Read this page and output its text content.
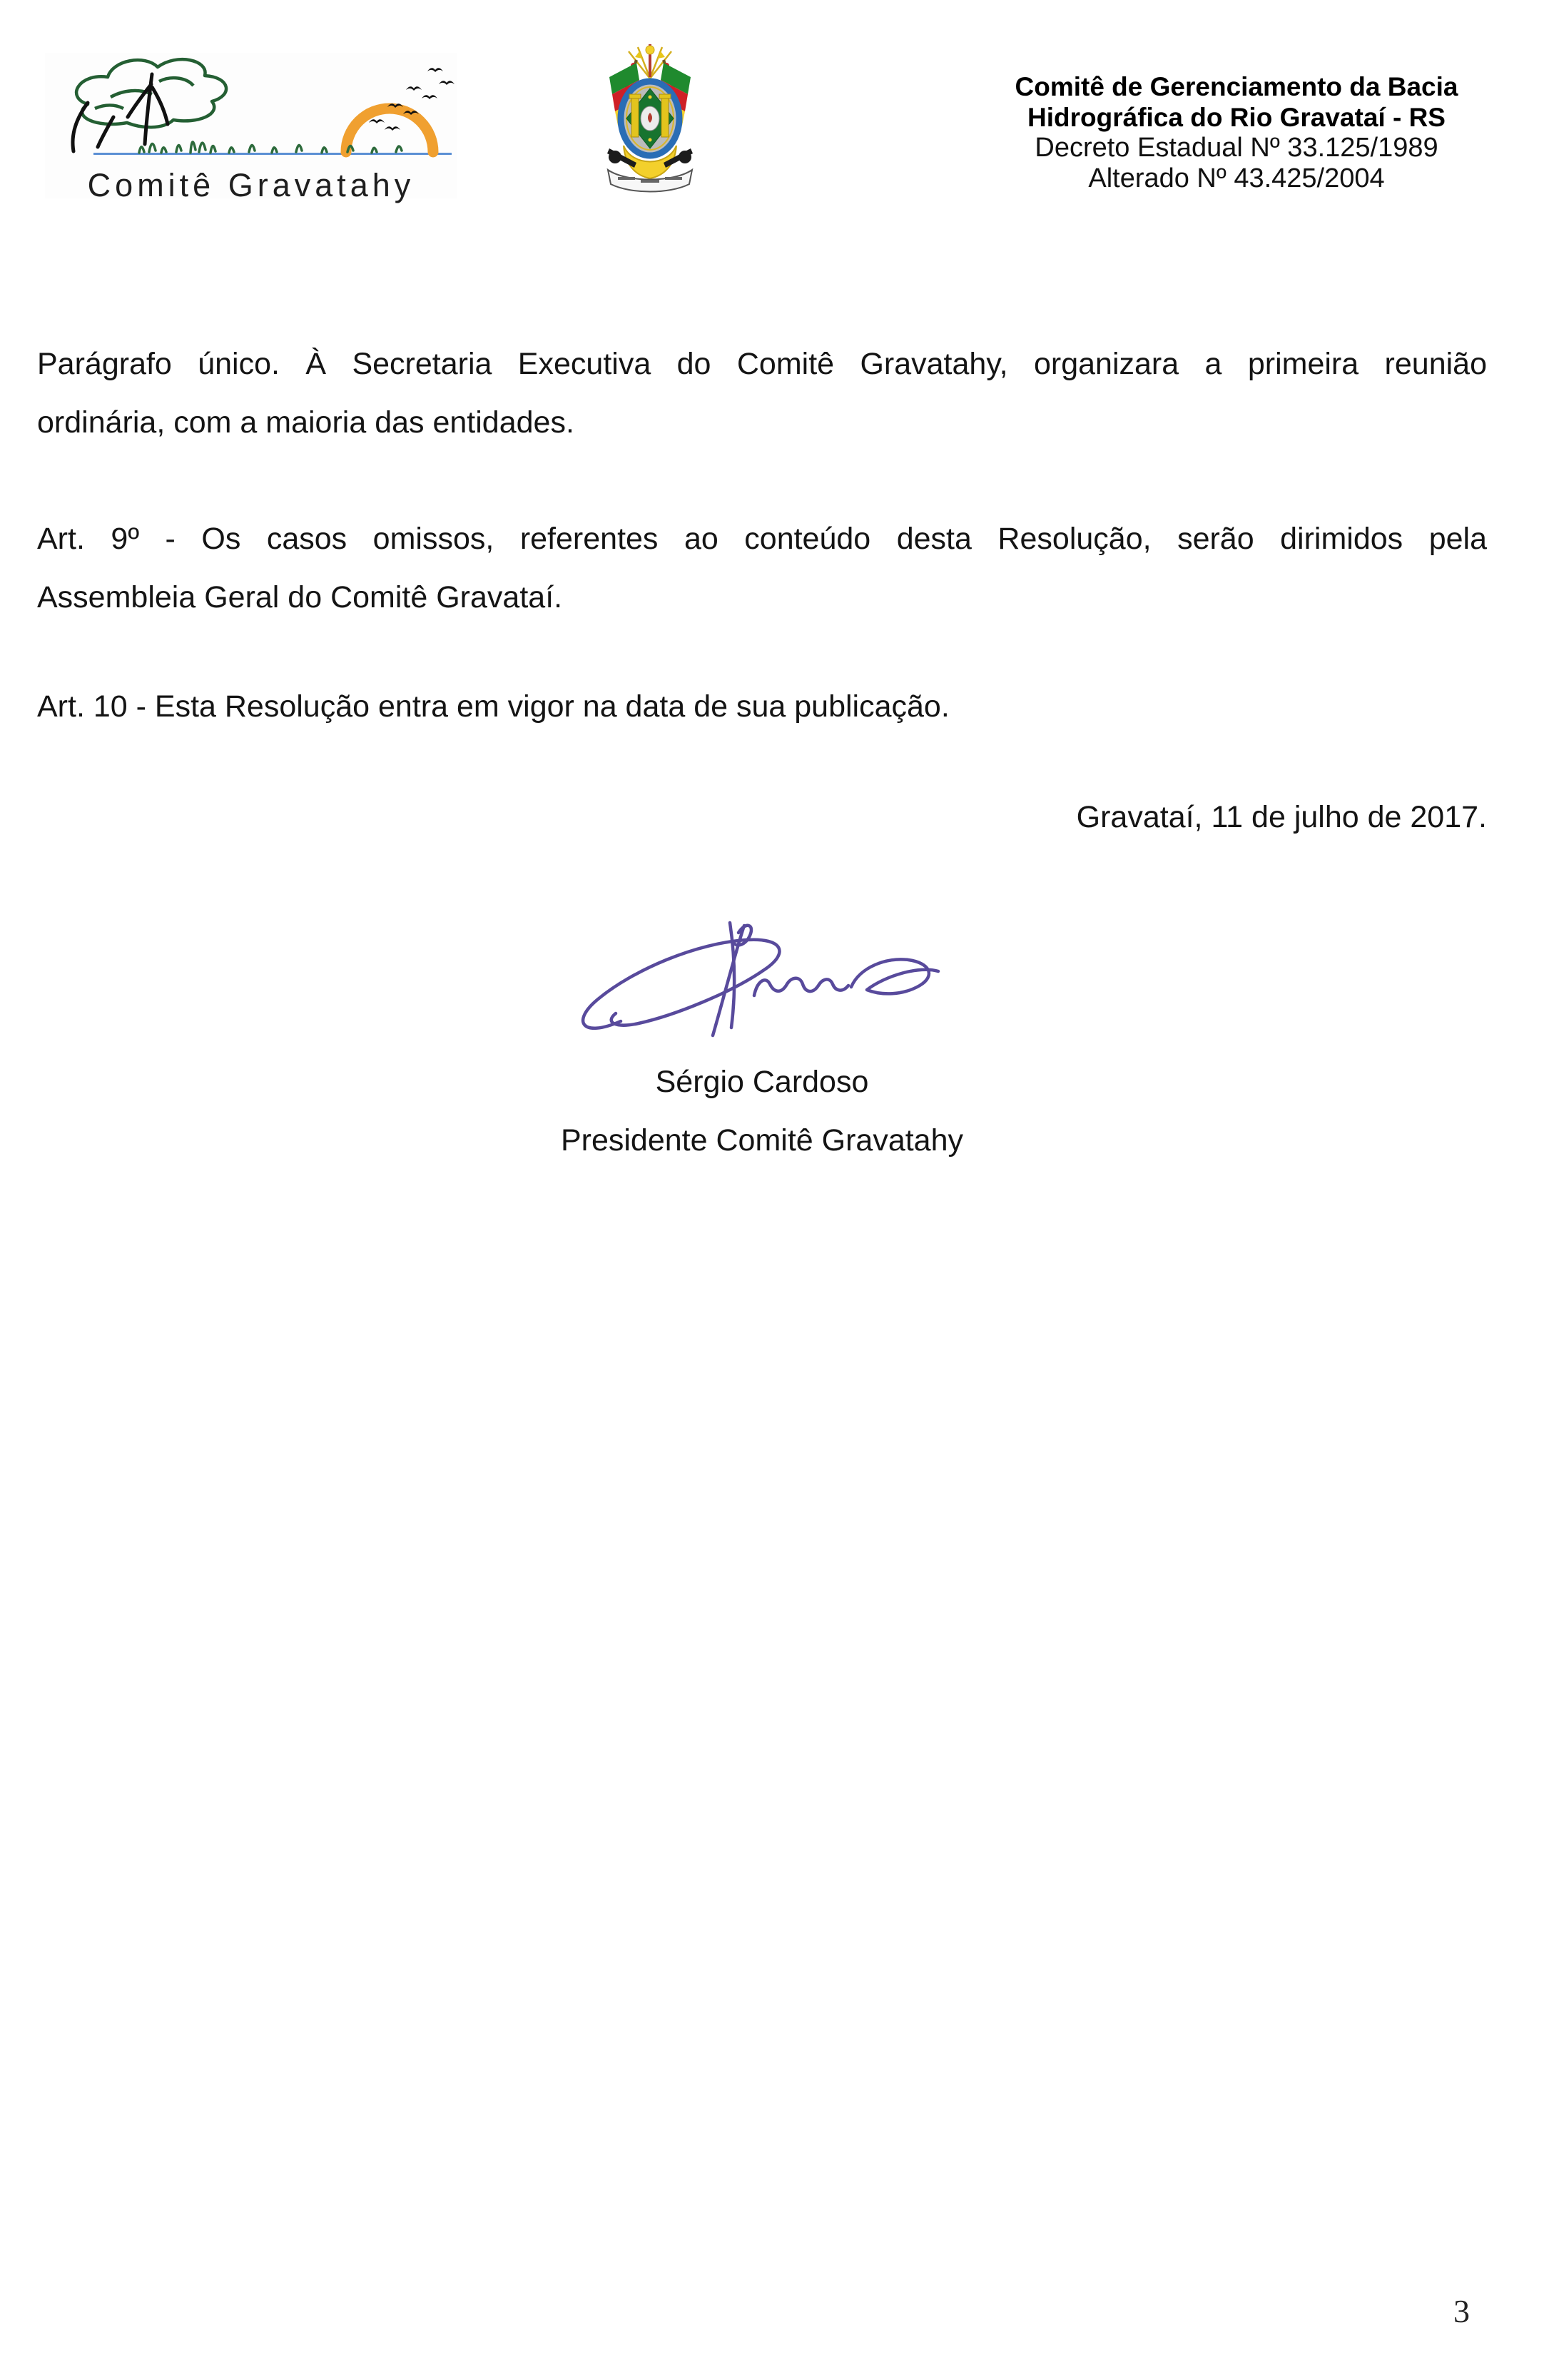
Comitê Gravatahy
Comitê de Gerenciamento da Bacia
Hidrográfica do Rio Gravataí - RS
Decreto Estadual Nº 33.125/1989
Alterado Nº 43.425/2004
Parágrafo único. À Secretaria Executiva do Comitê Gravatahy, organizara a primeira reunião
ordinária, com a maioria das entidades.
Art. 9º - Os casos omissos, referentes ao conteúdo desta Resolução, serão dirimidos pela
Assembleia Geral do Comitê Gravataí.
Art. 10 - Esta Resolução entra em vigor na data de sua publicação.
Gravataí, 11 de julho de 2017.
Sérgio Cardoso
Presidente Comitê Gravatahy
3
